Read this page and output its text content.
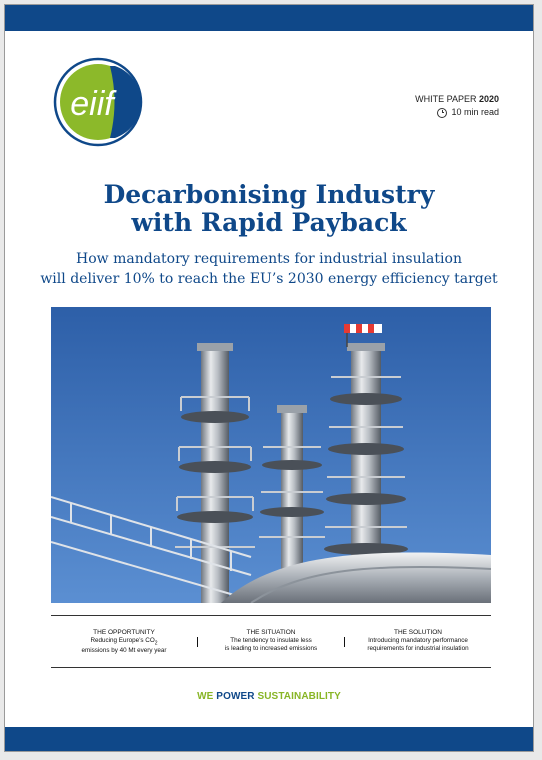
eiif	WHITE PAPER 2020
10 min read
Decarbonising Industry
with Rapid Payback
How mandatory requirements for industrial insulation
will deliver 10% to reach the EU’s 2030 energy efficiency target
THE OPPORTUNITY
Reducing Europe’s $CO_2$
emissions by 40 Mt every year
THE SITUATION
The tendency to insulate less
is leading to increased emissions
THE SOLUTION
Introducing mandatory performance
requirements for industrial insulation
WE POWER SUSTAINABILITY
